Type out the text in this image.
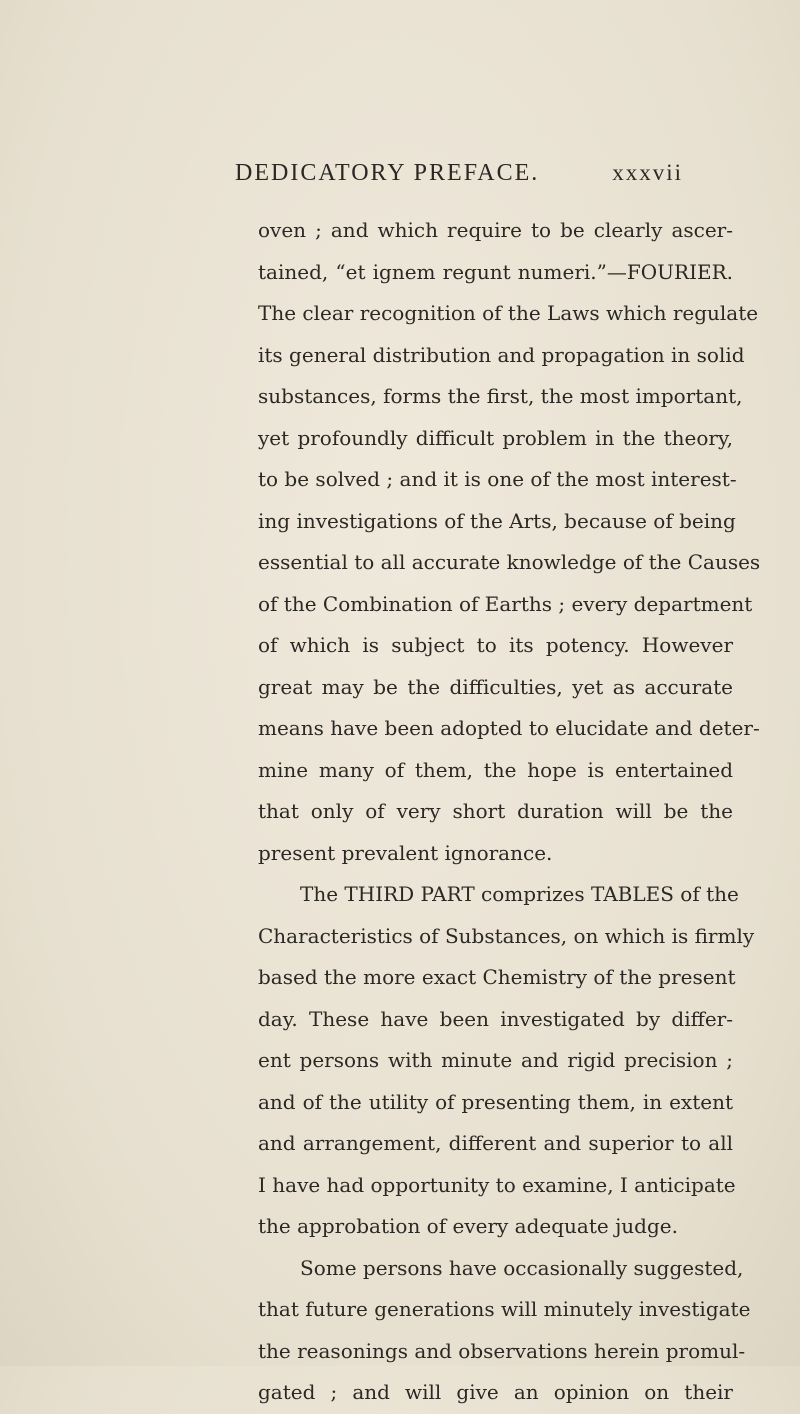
DEDICATORY PREFACE.	xxxvii
oven ; and which require to be clearly ascer-
tained, “et ignem regunt numeri.”—FOURIER.
The clear recognition of the Laws which regulate
its general distribution and propagation in solid
substances, forms the first, the most important,
yet profoundly difficult problem in the theory,
to be solved ; and it is one of the most interest-
ing investigations of the Arts, because of being
essential to all accurate knowledge of the Causes
of the Combination of Earths ; every department
of which is subject to its potency. However
great may be the difficulties, yet as accurate
means have been adopted to elucidate and deter-
mine many of them, the hope is entertained
that only of very short duration will be the
present prevalent ignorance.
The THIRD PART comprizes TABLES of the
Characteristics of Substances, on which is firmly
based the more exact Chemistry of the present
day. These have been investigated by differ-
ent persons with minute and rigid precision ;
and of the utility of presenting them, in extent
and arrangement, different and superior to all
I have had opportunity to examine, I anticipate
the approbation of every adequate judge.
Some persons have occasionally suggested,
that future generations will minutely investigate
the reasonings and observations herein promul-
gated ; and will give an opinion on their
